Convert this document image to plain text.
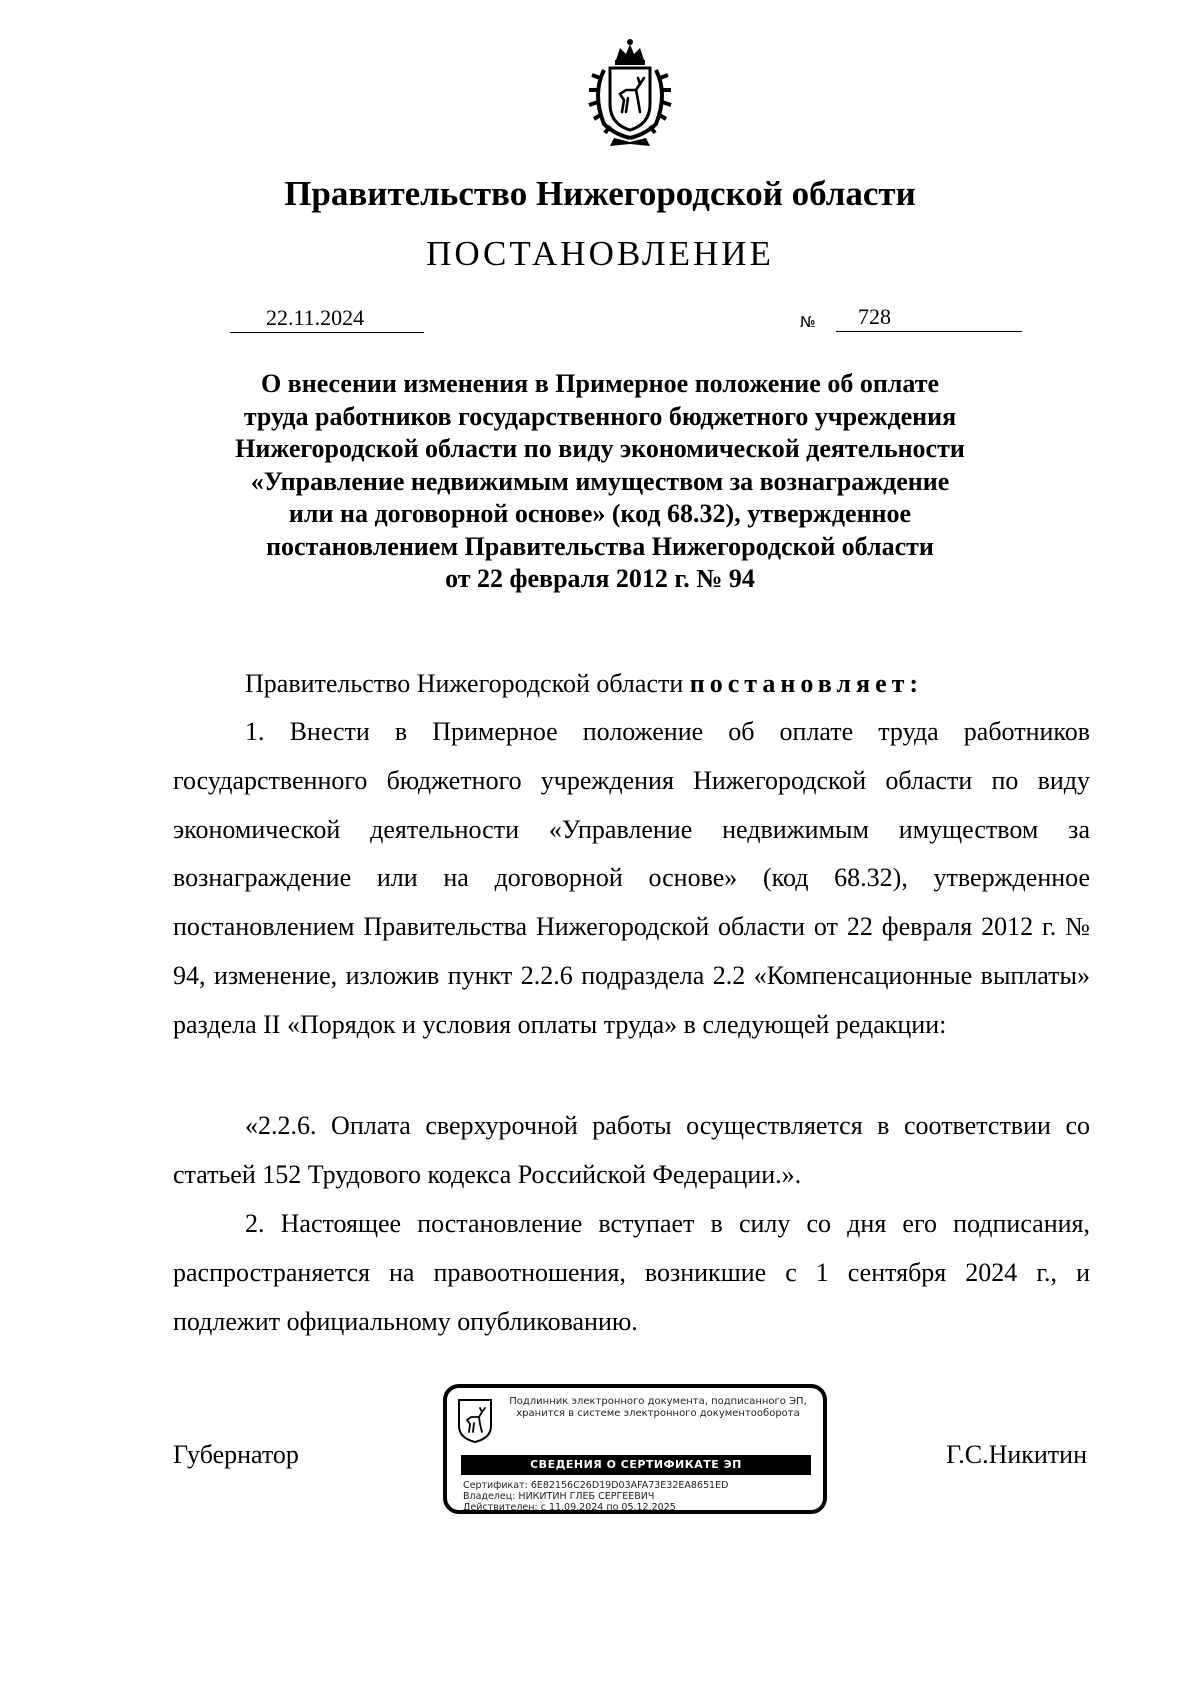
Правительство Нижегородской области
ПОСТАНОВЛЕНИЕ
22.11.2024	№ 728
О внесении изменения в Примерное положение об оплате
труда работников государственного бюджетного учреждения
Нижегородской области по виду экономической деятельности
«Управление недвижимым имуществом за вознаграждение
или на договорной основе» (код 68.32), утвержденное
постановлением Правительства Нижегородской области
от 22 февраля 2012 г. № 94
Правительство Нижегородской области постановляет:

1. Внести в Примерное положение об оплате труда работников государственного бюджетного учреждения Нижегородской области по виду экономической деятельности «Управление недвижимым имуществом за вознаграждение или на договорной основе» (код 68.32), утвержденное постановлением Правительства Нижегородской области от 22 февраля 2012 г. № 94, изменение, изложив пункт 2.2.6 подраздела 2.2 «Компенсационные выплаты» раздела II «Порядок и условия оплаты труда» в следующей редакции:

«2.2.6. Оплата сверхурочной работы осуществляется в соответствии со статьей 152 Трудового кодекса Российской Федерации.».

2. Настоящее постановление вступает в силу со дня его подписания, распространяется на правоотношения, возникшие с 1 сентября 2024 г., и подлежит официальному опубликованию.

Губернатор	Г.С.Никитин
Подлинник электронного документа, подписанного ЭП,
хранится в системе электронного документооборота
СВЕДЕНИЯ О СЕРТИФИКАТЕ ЭП
Сертификат: 6E82156C26D19D03AFA73E32EA8651ED
Владелец: НИКИТИН ГЛЕБ СЕРГЕЕВИЧ
Действителен: с 11.09.2024 по 05.12.2025
